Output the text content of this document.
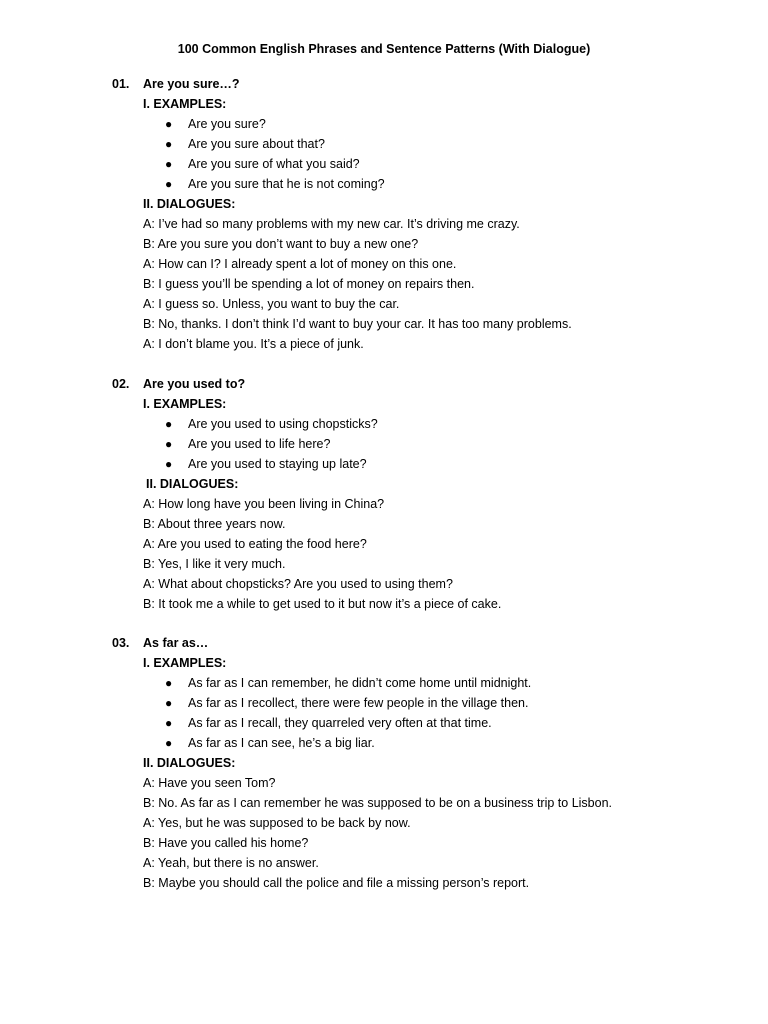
100 Common English Phrases and Sentence Patterns (With Dialogue)
01. Are you sure…?
I. EXAMPLES:
● Are you sure?
● Are you sure about that?
● Are you sure of what you said?
● Are you sure that he is not coming?
II. DIALOGUES:
A: I’ve had so many problems with my new car. It’s driving me crazy.
B: Are you sure you don’t want to buy a new one?
A: How can I? I already spent a lot of money on this one.
B: I guess you’ll be spending a lot of money on repairs then.
A: I guess so. Unless, you want to buy the car.
B: No, thanks. I don’t think I’d want to buy your car. It has too many problems.
A: I don’t blame you. It’s a piece of junk.
02. Are you used to?
I. EXAMPLES:
● Are you used to using chopsticks?
● Are you used to life here?
● Are you used to staying up late?
II. DIALOGUES:
A: How long have you been living in China?
B: About three years now.
A: Are you used to eating the food here?
B: Yes, I like it very much.
A: What about chopsticks? Are you used to using them?
B: It took me a while to get used to it but now it’s a piece of cake.
03. As far as…
I. EXAMPLES:
● As far as I can remember, he didn’t come home until midnight.
● As far as I recollect, there were few people in the village then.
● As far as I recall, they quarreled very often at that time.
● As far as I can see, he’s a big liar.
II. DIALOGUES:
A: Have you seen Tom?
B: No. As far as I can remember he was supposed to be on a business trip to Lisbon.
A: Yes, but he was supposed to be back by now.
B: Have you called his home?
A: Yeah, but there is no answer.
B: Maybe you should call the police and file a missing person’s report.
